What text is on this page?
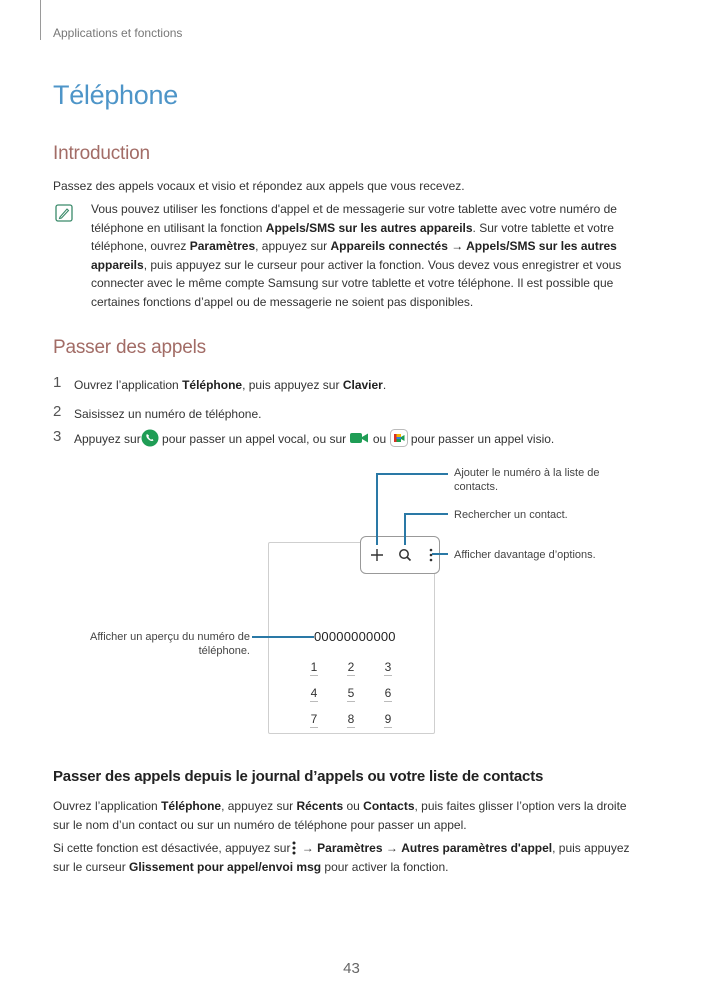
Applications et fonctions
Téléphone
Introduction
Passez des appels vocaux et visio et répondez aux appels que vous recevez.
Vous pouvez utiliser les fonctions d'appel et de messagerie sur votre tablette avec votre numéro de
téléphone en utilisant la fonction Appels/SMS sur les autres appareils. Sur votre tablette et votre
téléphone, ouvrez Paramètres, appuyez sur Appareils connectés → Appels/SMS sur les autres
appareils, puis appuyez sur le curseur pour activer la fonction. Vous devez vous enregistrer et vous
connecter avec le même compte Samsung sur votre tablette et votre téléphone. Il est possible que
certaines fonctions d’appel ou de messagerie ne soient pas disponibles.
Passer des appels
1 Ouvrez l’application Téléphone, puis appuyez sur Clavier.
2 Saisissez un numéro de téléphone.
3 Appuyez sur pour passer un appel vocal, ou sur  ou  pour passer un appel visio.
00000000000
1	2	3
4	5	6
7	8	9
Ajouter le numéro à la liste de contacts.
Rechercher un contact.
Afficher davantage d’options.
Afficher un aperçu du numéro de téléphone.
Passer des appels depuis le journal d’appels ou votre liste de contacts
Ouvrez l’application Téléphone, appuyez sur Récents ou Contacts, puis faites glisser l’option vers la droite
sur le nom d’un contact ou sur un numéro de téléphone pour passer un appel.
Si cette fonction est désactivée, appuyez sur → Paramètres → Autres paramètres d'appel, puis appuyez
sur le curseur Glissement pour appel/envoi msg pour activer la fonction.
43
